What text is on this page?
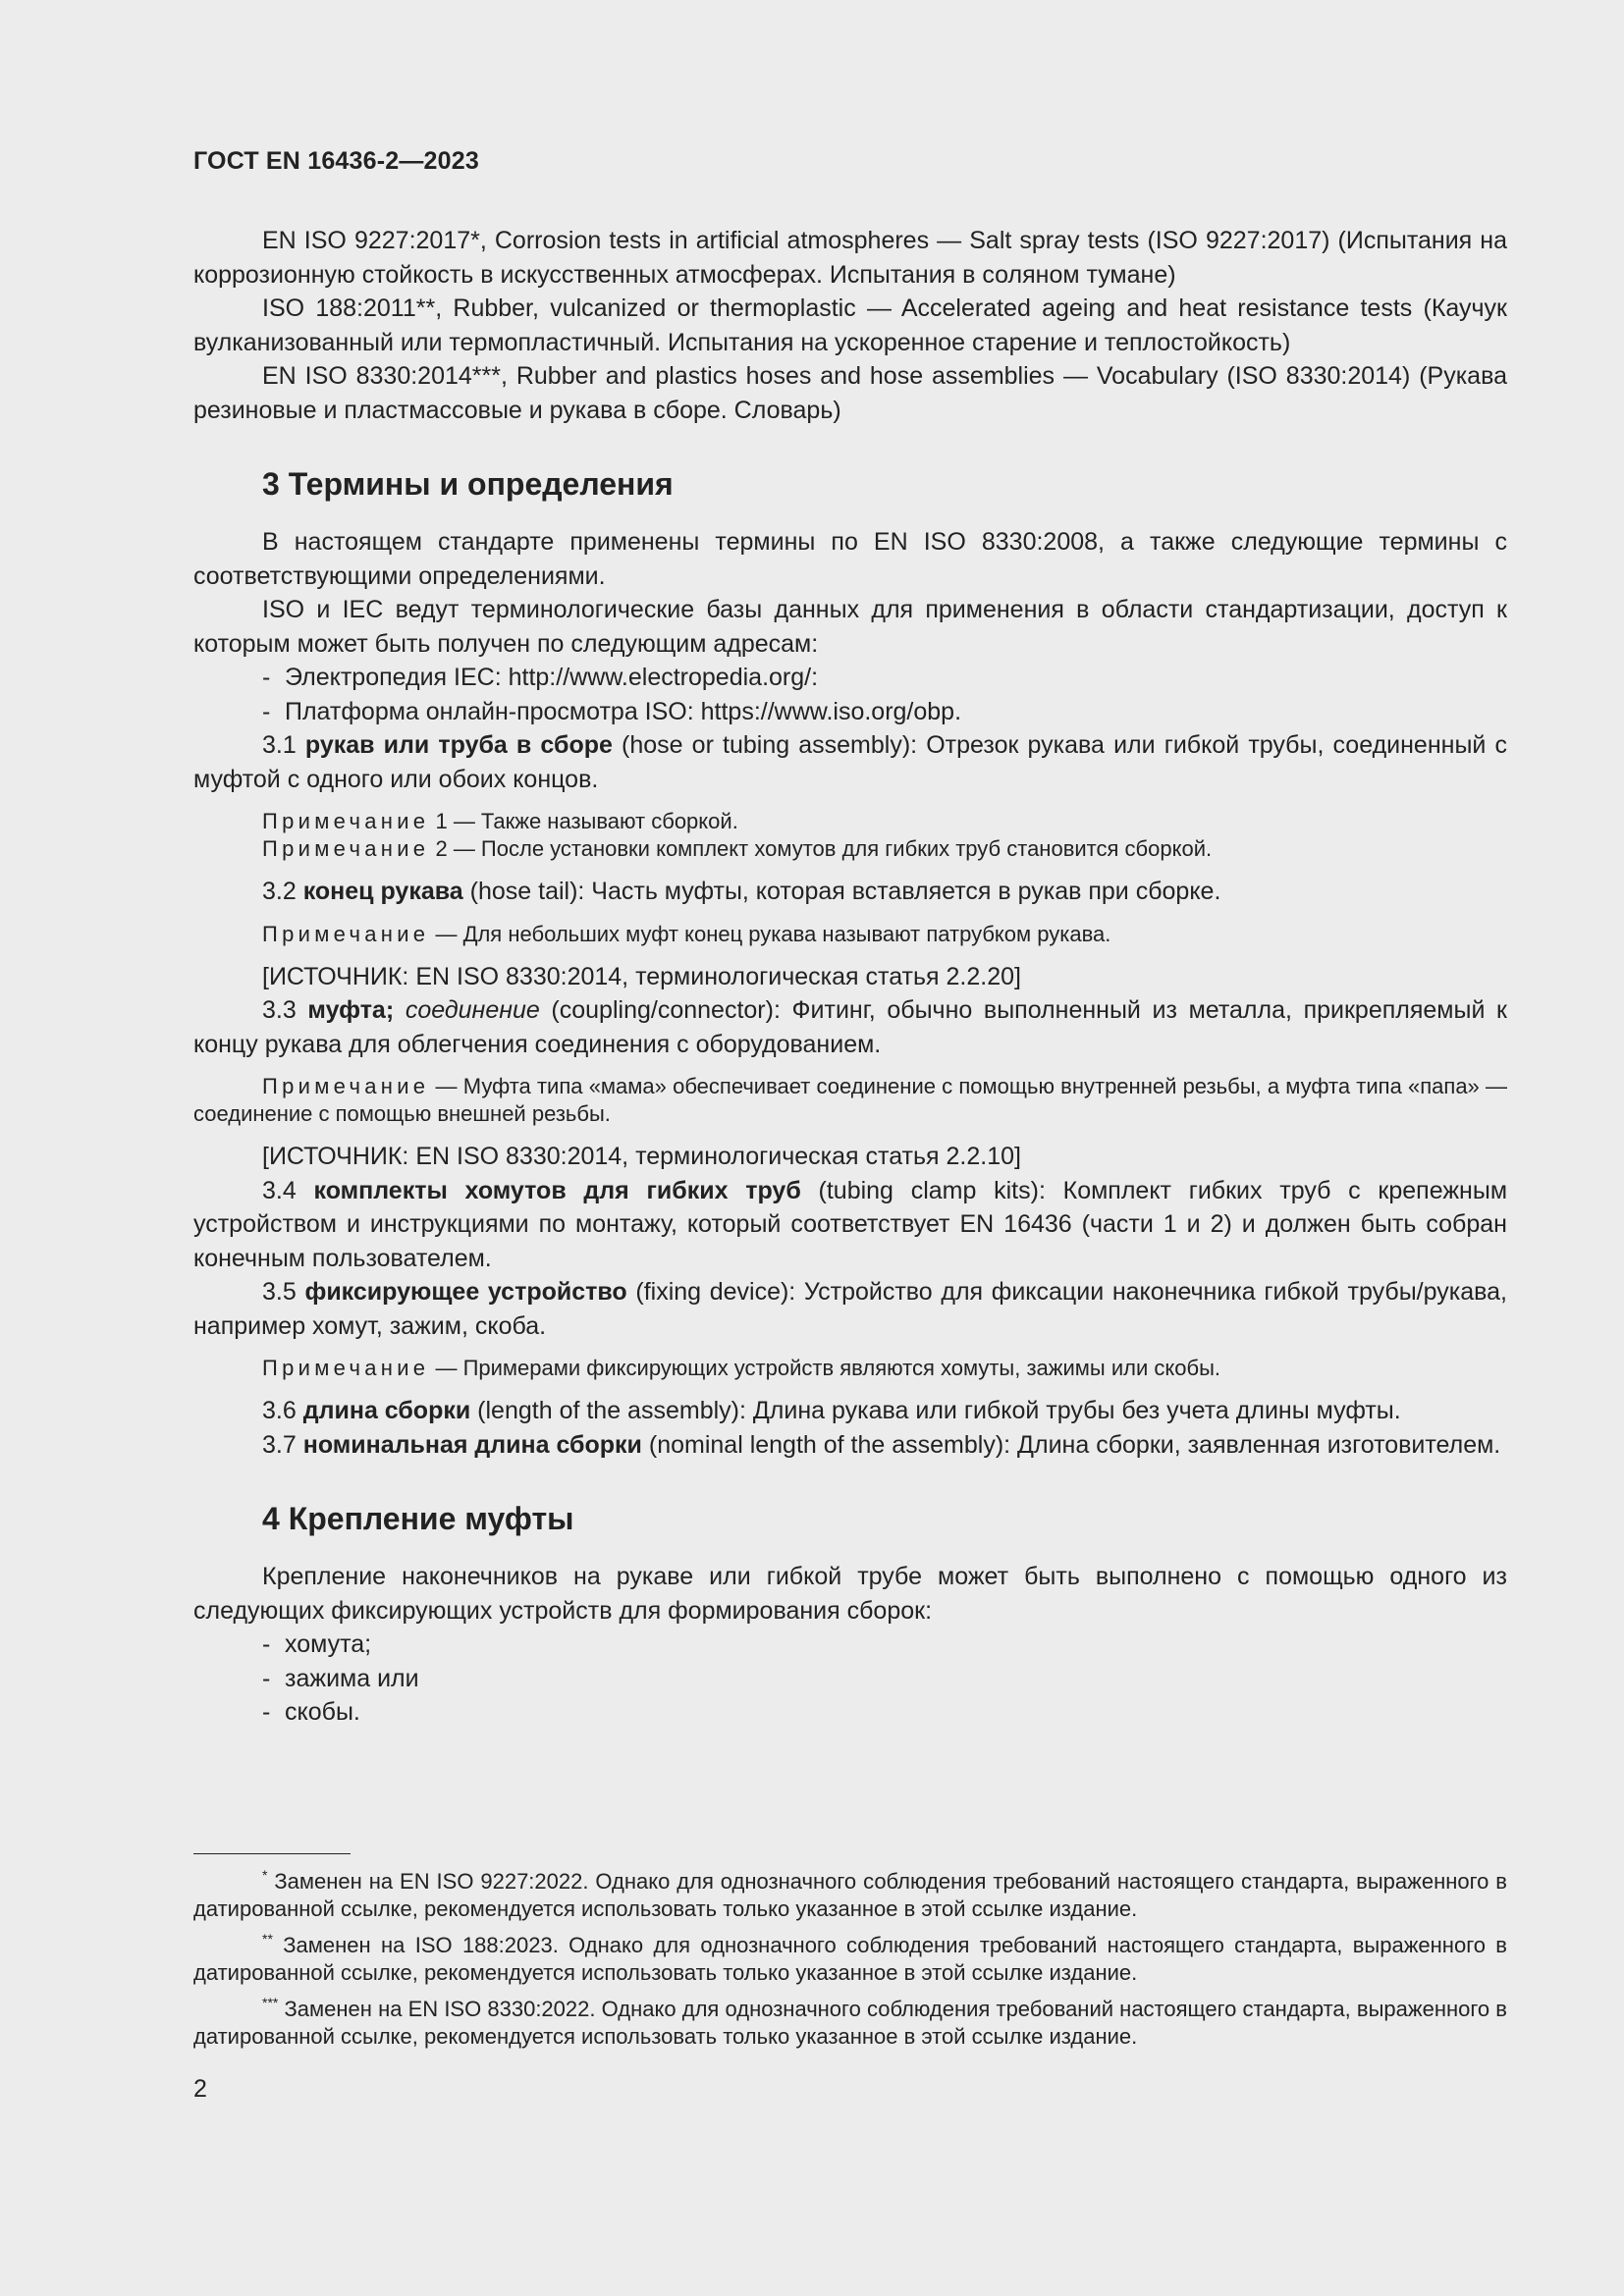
ГОСТ EN 16436-2—2023

EN ISO 9227:2017*, Corrosion tests in artificial atmospheres — Salt spray tests (ISO 9227:2017) (Испытания на коррозионную стойкость в искусственных атмосферах. Испытания в соляном тумане)

ISO 188:2011**, Rubber, vulcanized or thermoplastic — Accelerated ageing and heat resistance tests (Каучук вулканизованный или термопластичный. Испытания на ускоренное старение и теплостойкость)

EN ISO 8330:2014***, Rubber and plastics hoses and hose assemblies — Vocabulary (ISO 8330:2014) (Рукава резиновые и пластмассовые и рукава в сборе. Словарь)

3 Термины и определения

В настоящем стандарте применены термины по EN ISO 8330:2008, а также следующие термины с соответствующими определениями.

ISO и IEC ведут терминологические базы данных для применения в области стандартизации, доступ к которым может быть получен по следующим адресам:

- Электропедия IEC: http://www.electropedia.org/:
- Платформа онлайн-просмотра ISO: https://www.iso.org/obp.

3.1 рукав или труба в сборе (hose or tubing assembly): Отрезок рукава или гибкой трубы, соединенный с муфтой с одного или обоих концов.

Примечание 1 — Также называют сборкой.

Примечание 2 — После установки комплект хомутов для гибких труб становится сборкой.

3.2 конец рукава (hose tail): Часть муфты, которая вставляется в рукав при сборке.

Примечание — Для небольших муфт конец рукава называют патрубком рукава.

[ИСТОЧНИК: EN ISO 8330:2014, терминологическая статья 2.2.20]

3.3 муфта; соединение (coupling/connector): Фитинг, обычно выполненный из металла, прикрепляемый к концу рукава для облегчения соединения с оборудованием.

Примечание — Муфта типа «мама» обеспечивает соединение с помощью внутренней резьбы, а муфта типа «папа» — соединение с помощью внешней резьбы.

[ИСТОЧНИК: EN ISO 8330:2014, терминологическая статья 2.2.10]

3.4 комплекты хомутов для гибких труб (tubing clamp kits): Комплект гибких труб с крепежным устройством и инструкциями по монтажу, который соответствует EN 16436 (части 1 и 2) и должен быть собран конечным пользователем.

3.5 фиксирующее устройство (fixing device): Устройство для фиксации наконечника гибкой трубы/рукава, например хомут, зажим, скоба.

Примечание — Примерами фиксирующих устройств являются хомуты, зажимы или скобы.

3.6 длина сборки (length of the assembly): Длина рукава или гибкой трубы без учета длины муфты.

3.7 номинальная длина сборки (nominal length of the assembly): Длина сборки, заявленная изготовителем.

4 Крепление муфты

Крепление наконечников на рукаве или гибкой трубе может быть выполнено с помощью одного из следующих фиксирующих устройств для формирования сборок:

- хомута;
- зажима или
- скобы.

* Заменен на EN ISO 9227:2022. Однако для однозначного соблюдения требований настоящего стандарта, выраженного в датированной ссылке, рекомендуется использовать только указанное в этой ссылке издание.

** Заменен на ISO 188:2023. Однако для однозначного соблюдения требований настоящего стандарта, выраженного в датированной ссылке, рекомендуется использовать только указанное в этой ссылке издание.

*** Заменен на EN ISO 8330:2022. Однако для однозначного соблюдения требований настоящего стандарта, выраженного в датированной ссылке, рекомендуется использовать только указанное в этой ссылке издание.

2
